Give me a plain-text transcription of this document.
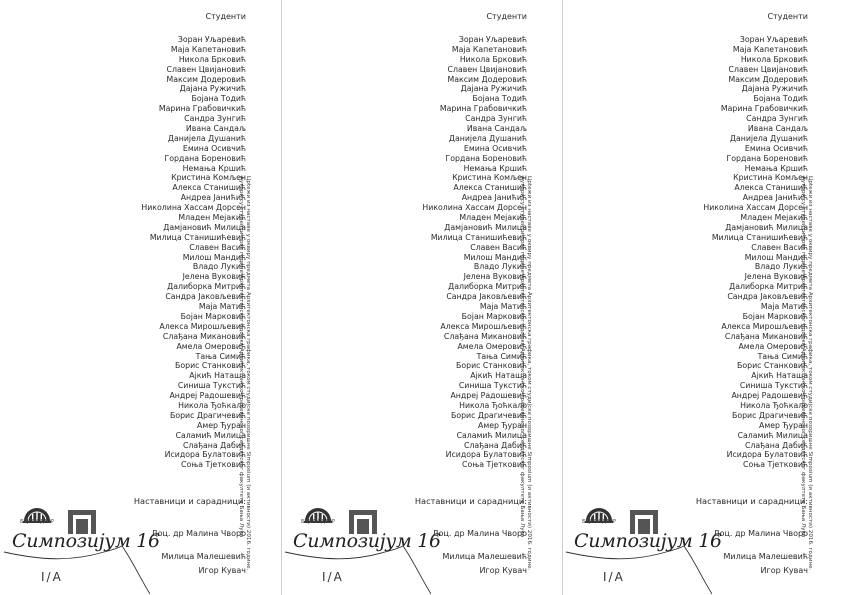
Студенти
Зоран Уљаревић
Маја Капетановић
Никола Брковић
Славен Цвијановић
Максим Додеровић
Дајана Ружичић
Бојана Тодић
Марина Грабовичкић
Сандра Зунгић
Ивана Сандаљ
Данијела Душанић
Емина Осивчић
Гордана Бореновић
Немања Кршић
Кристина Комљен
Алекса Станишић
Андреа Јанићић
Николина Хассам Дорсен
Младен Мејакић
Дамјановић Милица
Милица Станишићевић
Славен Васић
Милош Мандић
Владо Лукић
Јелена Вуковић
Далиборка Митрић
Сандра Јаковљевић
Маја Матић
Бојан Марковић
Алекса Мирошљевић
Слађана Микановић
Амела Омеровић
Тања Симић
Борис Станковић
Ајкић Наташа
Синиша Тукстић
Андреј Радошевић
Никола Ђоћкало
Борис Драгичевић
Амер Ђуран
Саламић Милица
Слађана Дабић
Исидора Булатовић
Соња Тјетковић Црtежи из наставе у оквиру предмета Архитектонска графика, током студијске позоришне Simposium (и активности) 2016. године.
Аутори су студенти прве године Архитектонског одсјека Архитектонско-грађевинског-геодетског факултета Бања Лука
Наставници и сарадници:
Доц. др Малина Чворо
Милица Малешевић
Игор Кувач
БИЈЕЛИ ДВОР
Симпозијум 16
I/A
Студенти
Зоран Уљаревић
Маја Капетановић
Никола Брковић
Славен Цвијановић
Максим Додеровић
Дајана Ружичић
Бојана Тодић
Марина Грабовичкић
Сандра Зунгић
Ивана Сандаљ
Данијела Душанић
Емина Осивчић
Гордана Бореновић
Немања Кршић
Кристина Комљен
Алекса Станишић
Андреа Јанићић
Николина Хассам Дорсен
Младен Мејакић
Дамјановић Милица
Милица Станишићевић
Славен Васић
Милош Мандић
Владо Лукић
Јелена Вуковић
Далиборка Митрић
Сандра Јаковљевић
Маја Матић
Бојан Марковић
Алекса Мирошљевић
Слађана Микановић
Амела Омеровић
Тања Симић
Борис Станковић
Ајкић Наташа
Синиша Тукстић
Андреј Радошевић
Никола Ђоћкало
Борис Драгичевић
Амер Ђуран
Саламић Милица
Слађана Дабић
Исидора Булатовић
Соња Тјетковић Црtежи из наставе у оквиру предмета Архитектонска графика, током студијске позоришне Simposium (и активности) 2016. године.
Аутори су студенти прве године Архитектонског одсјека Архитектонско-грађевинског-геодетског факултета Бања Лука
Наставници и сарадници:
Доц. др Малина Чворо
Милица Малешевић
Игор Кувач
БИЈЕЛИ ДВОР
Симпозијум 16
I/A
Студенти
Зоран Уљаревић
Маја Капетановић
Никола Брковић
Славен Цвијановић
Максим Додеровић
Дајана Ружичић
Бојана Тодић
Марина Грабовичкић
Сандра Зунгић
Ивана Сандаљ
Данијела Душанић
Емина Осивчић
Гордана Бореновић
Немања Кршић
Кристина Комљен
Алекса Станишић
Андреа Јанићић
Николина Хассам Дорсен
Младен Мејакић
Дамјановић Милица
Милица Станишићевић
Славен Васић
Милош Мандић
Владо Лукић
Јелена Вуковић
Далиборка Митрић
Сандра Јаковљевић
Маја Матић
Бојан Марковић
Алекса Мирошљевић
Слађана Микановић
Амела Омеровић
Тања Симић
Борис Станковић
Ајкић Наташа
Синиша Тукстић
Андреј Радошевић
Никола Ђоћкало
Борис Драгичевић
Амер Ђуран
Саламић Милица
Слађана Дабић
Исидора Булатовић
Соња Тјетковић Црtежи из наставе у оквиру предмета Архитектонска графика, током студијске позоришне Simposium (и активности) 2016. године.
Аутори су студенти прве године Архитектонског одсјека Архитектонско-грађевинског-геодетског факултета Бања Лука
Наставници и сарадници:
Доц. др Малина Чворо
Милица Малешевић
Игор Кувач
БИЈЕЛИ ДВОР
Симпозијум 16
I/A
